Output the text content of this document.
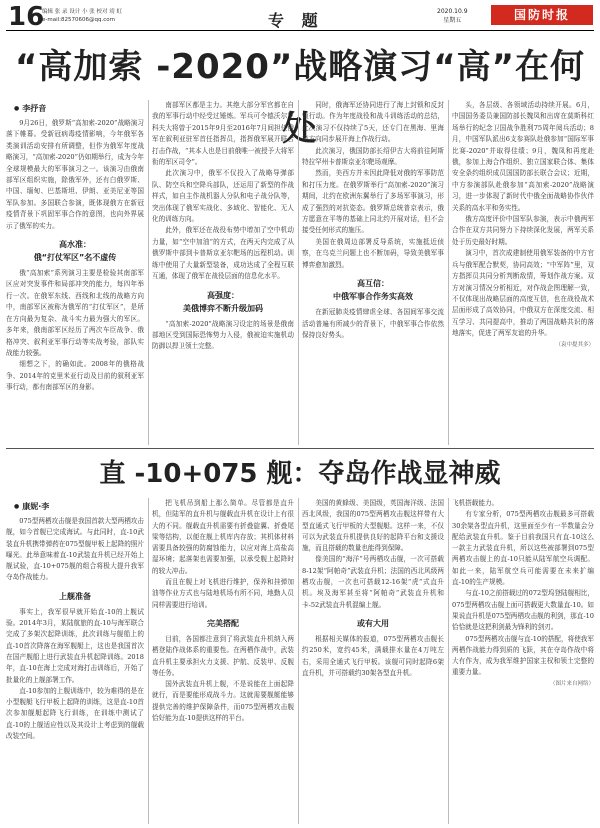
16
编辑 张 录 设计 小 张 校对 靖 虹
e-mail:82570606@qq.com	专 题	2020.10.9
星期五	国防时报
“高加索 -2020”战略演习“高”在何处
● 李抒音

9月26日，俄罗斯“高加索-2020”战略演习落下帷幕。受新冠病毒疫情影响，今年俄军各类演训活动安排有所调整，但作为俄军年度战略演习，“高加索-2020”仍如期举行，成为今年全球规模最大的军事演习之一。该演习由俄南部军区组织实施，除俄军外，还有白俄罗斯、中国、缅甸、巴基斯坦、伊朗、亚美尼亚等国军队参加。多国联合参演，既体现俄方在新冠疫情背景下巩固军事合作的意图，也向外界展示了俄军的实力。

高水准：
俄“打仗军区”名不虚传

俄“高加索”系列演习主要是检验其南部军区应对突发事件和局部冲突的能力，每四年举行一次。在俄军东线、西线和北线的战略方向中，南部军区被称为俄军的“打仗军区”，是所在方向最为复杂、战斗实力最为强大的军区。多年来，俄南部军区经历了两次车臣战争、俄格冲突、叙利亚军事行动等实战考验，部队实战能力较强。

细想之下，的确如此。2008年的俄格战争、2014年的克里米亚行动及目前的叙利亚军事行动，都有南部军区的身影。

南部军区都是主力。其绝大部分军官都在自我的军事行动中经受过锤炼。军兵可令德沃尔尼科夫大将曾于2015年9月至2016年7月间担任俄军在叙利亚驻军首任指挥员，指挥俄军展开联合打击作战，“其本人也是目前俄唯一被授予大将军衔的军区司令”。

此次演习中，俄军不仅投入了战略导弹部队、防空兵和空降兵部队，还运用了新型的作战样式，如自主作战机器人分队和电子战分队等，突出体现了俄军实战化、多域化、智能化、无人化的训练方向。

此外，俄军还在战役布势中增加了空中机动力量，如“空中加油”的方式，在两天内完成了从俄罗斯中部到卡普斯京亚尔靶场的远程机动。训练中使用了大量新型装备，成功达成了全程互联互通，体现了俄军在战役层面的信息化水平。

高强度：
美俄博弈不断升级加码

“高加索-2020”战略演习设定的场景是俄南部地区受到国际恐怖势力入侵，俄被迫实施机动防御以捍卫领土完整。

同时，俄海军还协同进行了海上封锁和反封锁行动。作为年度战役和战斗训练活动的总结，此次演习不仅持续了5天，还专门在黑海、里海等方向同步展开海上作战行动。

此次演习，俄国防部长绍伊古大将前往阿斯特拉罕州卡普斯京亚尔靶场观摩。

然而，美西方并未因此降低对俄的军事防范和打压力度。在俄罗斯举行“高加索-2020”演习期间，北约在欧洲东翼举行了多场军事演习，形成了强烈的对抗姿态。俄罗斯总统普京表示，俄方愿意在平等的基础上同北约开展对话，但不会接受任何形式的施压。

美国在俄周边部署反导系统，实施抵近侦察，在乌克兰问题上也不断加码，导致美俄军事博弈愈加激烈。

高互信：
中俄军事合作务实高效

在新冠肺炎疫情肆虐全球、各国间军事交流活动普遍有所减少的背景下，中俄军事合作依然保持良好势头。

头，各层级、各领域活动持续开展。6月，中国国务委员兼国防部长魏凤和出席在莫斯科红场举行的纪念卫国战争胜利75周年阅兵活动；8月，中国军队派出6支参赛队赴俄参加“国际军事比赛-2020”并取得佳绩；9月，魏凤和再度赴俄，参加上海合作组织、独立国家联合体、集体安全条约组织成员国国防部长联合会议；近期，中方参演部队赴俄参加“高加索-2020”战略演习，进一步体现了新时代中俄全面战略协作伙伴关系的高水平和务实性。

俄方高度评价中国军队参演，表示中俄两军合作在双方共同努力下持续深化发展，两军关系处于历史最好时期。

演习中，首次成建制使用俄军装备的中方官兵与俄军配合默契，协同高效；“中军阵”里，双方指挥员共同分析判断敌情，筹划作战方案。双方对演习情况分析相近，对作战企图理解一致，不仅体现出战略层面的高度互信，也在战役战术层面形成了高效协同，中俄双方在深度交流、相互学习、共同提高中，推动了两国战略共识的落地落实，促进了两军友谊的升华。

（袁中提其多）

直 -10+075 舰：夺岛作战显神威
● 康妮·李

075型两栖攻击舰是我国首款大型两栖攻击舰，如今首舰已完成海试。与此同时，直-10武装直升机携带弹药在075型舰甲板上起降的照片曝光。此举意味着直-10武装直升机已经开始上舰试验，直-10+075舰的组合将极大提升我军夺岛作战能力。

上舰准备

事实上，我军很早就开始直-10的上舰试验。2014年3月，某陆航旅的直-10与海军联合完成了多架次起降训练，此次训练与舰船上的直-10首次降落在海军舰艇上，这也是我国首次在国产舰船上进行武装直升机起降训练。2018年，直-10在海上完成对海打击训练后，开始了批量化的上舰部署工作。

直-10参加的上舰训练中，较为难得的是在小型舰艇飞行甲板上起降的训练，这是直-10首次参加舰艇起降飞行训练，在训练中测试了直-10的上舰适应性以及其设计上考虑到的舰载改装空间。

把飞机吊到船上那么简单。尽管都是直升机，但陆军的直升机与舰载直升机在设计上有很大的不同。舰载直升机需要有折叠旋翼、折叠尾梁等结构，以便在舰上机库内存放；其机体材料需要具备较强的防腐蚀能力，以应对海上高盐高湿环境；起落架也需要加强，以承受舰上起降时的较大冲击。

而且在舰上对飞机进行维护，保养和挂弹加油等作业方式也与陆地机场有所不同，地勤人员同样需要进行培训。

完美搭配

目前，各国都注意到了将武装直升机纳入两栖登陆作战体系的重要性。在两栖作战中，武装直升机主要承担火力支援、护航、反装甲、反舰等任务。

国外武装直升机上舰，不是说能在上面起降就行，而是要能形成战斗力。这就需要舰艇能够提供完善的维护保障条件，而075型两栖攻击舰恰好能为直-10提供这样的平台。

美国的黄蜂级、美国级，英国海洋级、法国西北风级，我国的075型两栖攻击舰这样带有大型直通式飞行甲板的大型舰艇。这样一来，不仅可以为武装直升机提供良好的起降平台和支援设施，而且搭载的数量也能得到保障。

像美国的“海洋”号两栖攻击舰，一次可搭载8-12架“阿帕奇”武装直升机；法国的西北风级两栖攻击舰，一次也可搭载12-16架“虎”式直升机。埃及海军甚至将“阿帕奇”武装直升机和卡-52武装直升机混编上舰。

或有大用

根据相关媒体的报道，075型两栖攻击舰长约250米，宽约45米，满载排水量在4万吨左右，采用全通式飞行甲板。该舰可同时起降6架直升机，并可搭载约30架各型直升机。

飞机搭载能力。

有专家分析，075型两栖攻击舰最多可搭载30余架各型直升机，这里面至少有一半数量会分配给武装直升机。鉴于目前我国只有直-10这么一款主力武装直升机，所以这些被部署到075型两栖攻击舰上的直-10只能从陆军航空兵调配。如此一来，陆军航空兵可能需要在未来扩编直-10的生产规模。

与直-10之前搭载过的072型坞登陆舰相比，075型两栖攻击舰上面可搭载更大数量直-10。如果说直升机是075型两栖攻击舰的利剑，那直-10恰恰就是这把利剑最为锋利的剑刃。

075型两栖攻击舰与直-10的搭配，将使我军两栖作战能力得到质的飞跃，其在夺岛作战中将大有作为，成为我军维护国家主权和领土完整的重要力量。

（图片来自网络）
